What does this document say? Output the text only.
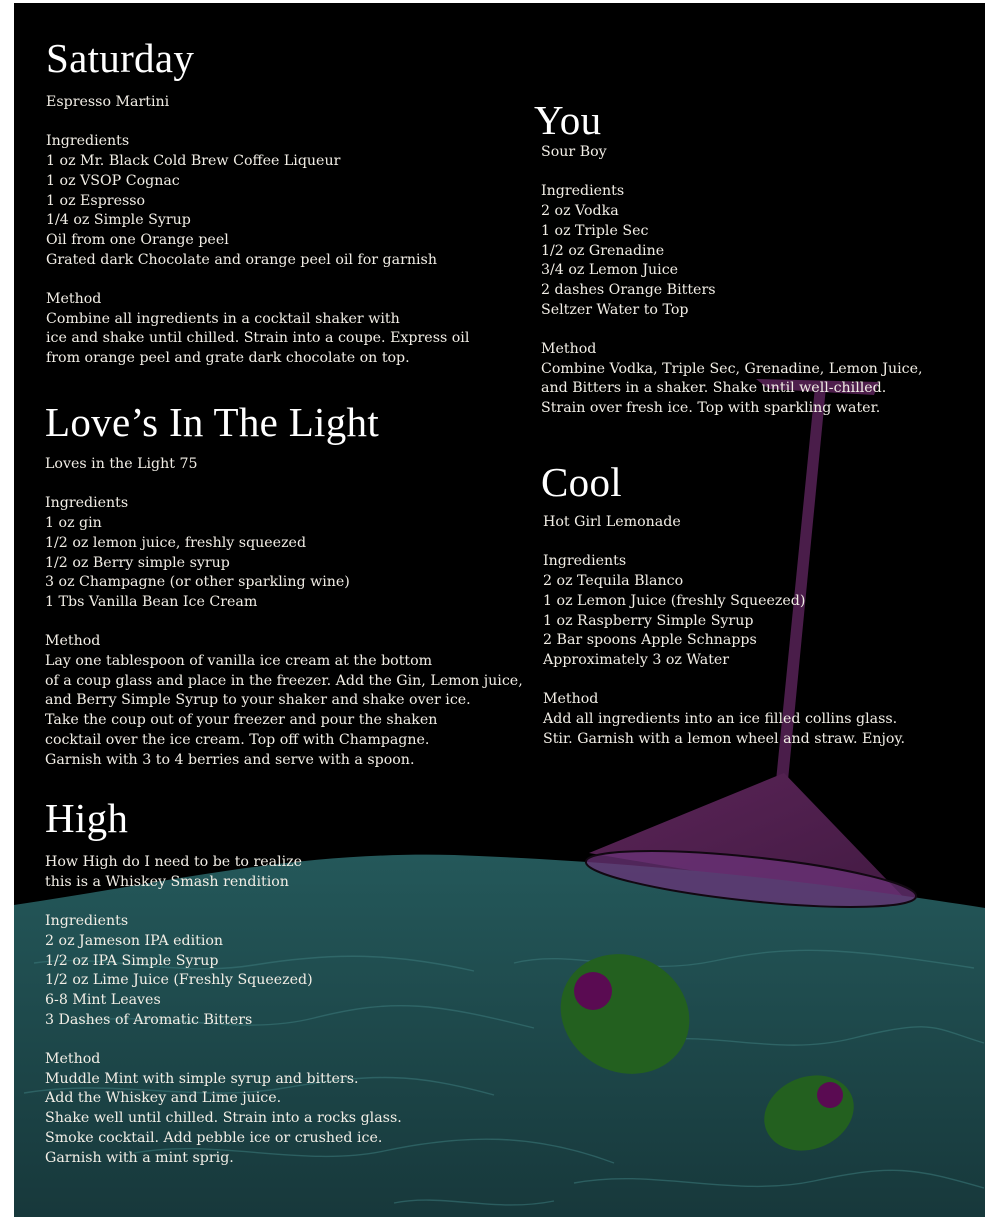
Saturday
Espresso Martini
Ingredients
1 oz Mr. Black Cold Brew Coffee Liqueur
1 oz VSOP Cognac
1 oz Espresso
1/4 oz Simple Syrup
Oil from one Orange peel
Grated dark Chocolate and orange peel oil for garnish
Method
Combine all ingredients in a cocktail shaker with
ice and shake until chilled. Strain into a coupe. Express oil
from orange peel and grate dark chocolate on top.
Love’s In The Light
Loves in the Light 75
Ingredients
1 oz gin
1/2 oz lemon juice, freshly squeezed
1/2 oz Berry simple syrup
3 oz Champagne (or other sparkling wine)
1 Tbs Vanilla Bean Ice Cream
Method
Lay one tablespoon of vanilla ice cream at the bottom
of a coup glass and place in the freezer. Add the Gin, Lemon juice,
and Berry Simple Syrup to your shaker and shake over ice.
Take the coup out of your freezer and pour the shaken
cocktail over the ice cream. Top off with Champagne.
Garnish with 3 to 4 berries and serve with a spoon.
High
How High do I need to be to realize
this is a Whiskey Smash rendition
Ingredients
2 oz Jameson IPA edition
1/2 oz IPA Simple Syrup
1/2 oz Lime Juice (Freshly Squeezed)
6-8 Mint Leaves
3 Dashes of Aromatic Bitters
Method
Muddle Mint with simple syrup and bitters.
Add the Whiskey and Lime juice.
Shake well until chilled. Strain into a rocks glass.
Smoke cocktail. Add pebble ice or crushed ice.
Garnish with a mint sprig.
You
Sour Boy
Ingredients
2 oz Vodka
1 oz Triple Sec
1/2 oz Grenadine
3/4 oz Lemon Juice
2 dashes Orange Bitters
Seltzer Water to Top
Method
Combine Vodka, Triple Sec, Grenadine, Lemon Juice,
and Bitters in a shaker. Shake until well-chilled.
Strain over fresh ice. Top with sparkling water.
Cool
Hot Girl Lemonade
Ingredients
2 oz Tequila Blanco
1 oz Lemon Juice (freshly Squeezed)
1 oz Raspberry Simple Syrup
2 Bar spoons Apple Schnapps
Approximately 3 oz Water
Method
Add all ingredients into an ice filled collins glass.
Stir. Garnish with a lemon wheel and straw. Enjoy.
